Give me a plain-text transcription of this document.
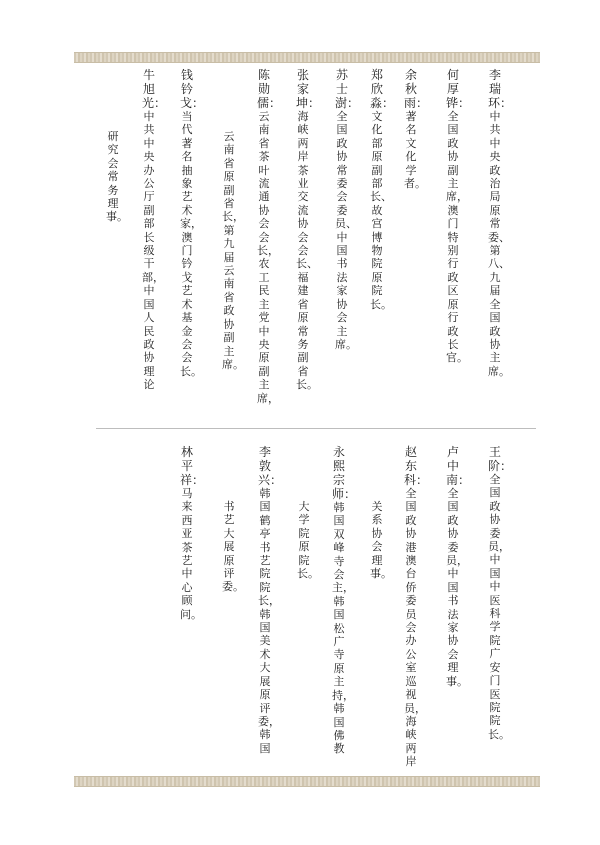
李瑞环：
中共中央政治局原常委、第八、九届全国政协主席。
何厚铧：
全国政协副主席，澳门特别行政区原行政长官。
余秋雨：
著名文化学者。
郑欣淼：
文化部原副部长、故宫博物院原院长。
苏士澍：
全国政协常委会委员、中国书法家协会主席。
张家坤：
海峡两岸茶业交流协会会长、福建省原常务副省长。
陈勋儒：
云南省茶叶流通协会会长，农工民主党中央原副主席，
云南省原副省长，第九届云南省政协副主席。
钱钤戈：
当代著名抽象艺术家，澳门钤戈艺术基金会会长。
牛旭光：
中共中央办公厅副部长级干部，中国人民政协理论
研究会常务理事。
王　阶：
全国政协委员，中国中医科学院广安门医院院长。
卢中南：
全国政协委员，中国书法家协会理事。
赵东科：
全国政协港澳台侨委员会办公室巡视员，海峡两岸
关系协会理事。
永熙宗师：
韩国双峰寺会主，韩国松广寺原主持，韩国佛教
大学院原院长。
李敦兴：
韩国鹤亭书艺院院长，韩国美术大展原评委，韩国
书艺大展原评委。
林平祥：
马来西亚茶艺中心顾问。
